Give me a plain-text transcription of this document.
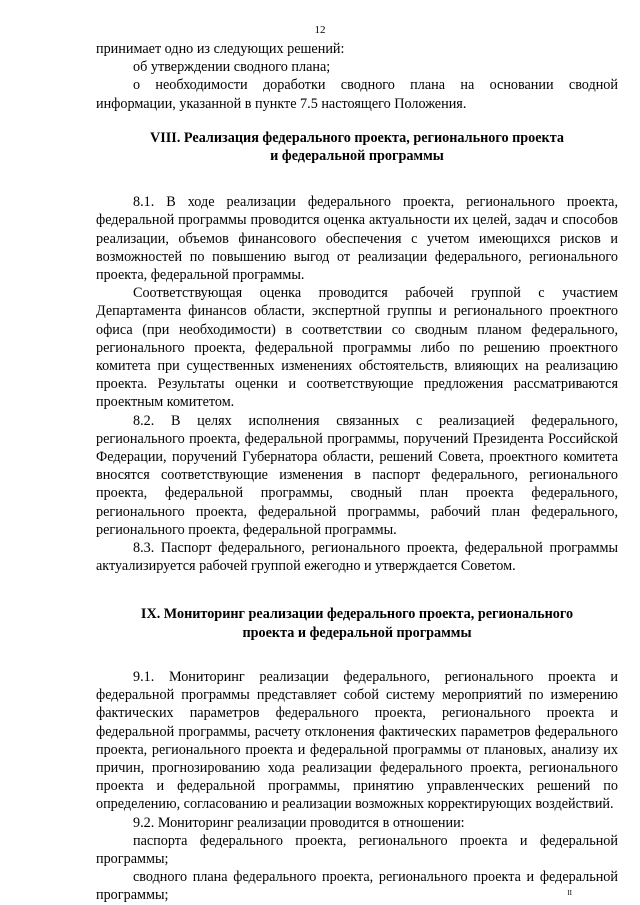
12

принимает одно из следующих решений:

об утверждении сводного плана;

о необходимости доработки сводного плана на основании сводной информации, указанной в пункте 7.5 настоящего Положения.

VIII. Реализация федерального проекта, регионального проекта
и федеральной программы

8.1. В ходе реализации федерального проекта, регионального проекта, федеральной программы проводится оценка актуальности их целей, задач и способов реализации, объемов финансового обеспечения с учетом имеющихся рисков и возможностей по повышению выгод от реализации федерального, регионального проекта, федеральной программы.

Соответствующая оценка проводится рабочей группой с участием Департамента финансов области, экспертной группы и регионального проектного офиса (при необходимости) в соответствии со сводным планом федерального, регионального проекта, федеральной программы либо по решению проектного комитета при существенных изменениях обстоятельств, влияющих на реализацию проекта. Результаты оценки и соответствующие предложения рассматриваются проектным комитетом.

8.2. В целях исполнения связанных с реализацией федерального, регионального проекта, федеральной программы, поручений Президента Российской Федерации, поручений Губернатора области, решений Совета, проектного комитета вносятся соответствующие изменения в паспорт федерального, регионального проекта, федеральной программы, сводный план проекта федерального, регионального проекта, федеральной программы, рабочий план федерального, регионального проекта, федеральной программы.

8.3. Паспорт федерального, регионального проекта, федеральной программы актуализируется рабочей группой ежегодно и утверждается Советом.

IX. Мониторинг реализации федерального проекта, регионального
проекта и федеральной программы

9.1. Мониторинг реализации федерального, регионального проекта и федеральной программы представляет собой систему мероприятий по измерению фактических параметров федерального проекта, регионального проекта и федеральной программы, расчету отклонения фактических параметров федерального проекта, регионального проекта и федеральной программы от плановых, анализу их причин, прогнозированию хода реализации федерального проекта, регионального проекта и федеральной программы, принятию управленческих решений по определению, согласованию и реализации возможных корректирующих воздействий.

9.2. Мониторинг реализации проводится в отношении:

паспорта федерального проекта, регионального проекта и федеральной программы;

сводного плана федерального проекта, регионального проекта и федеральной программы;	II
